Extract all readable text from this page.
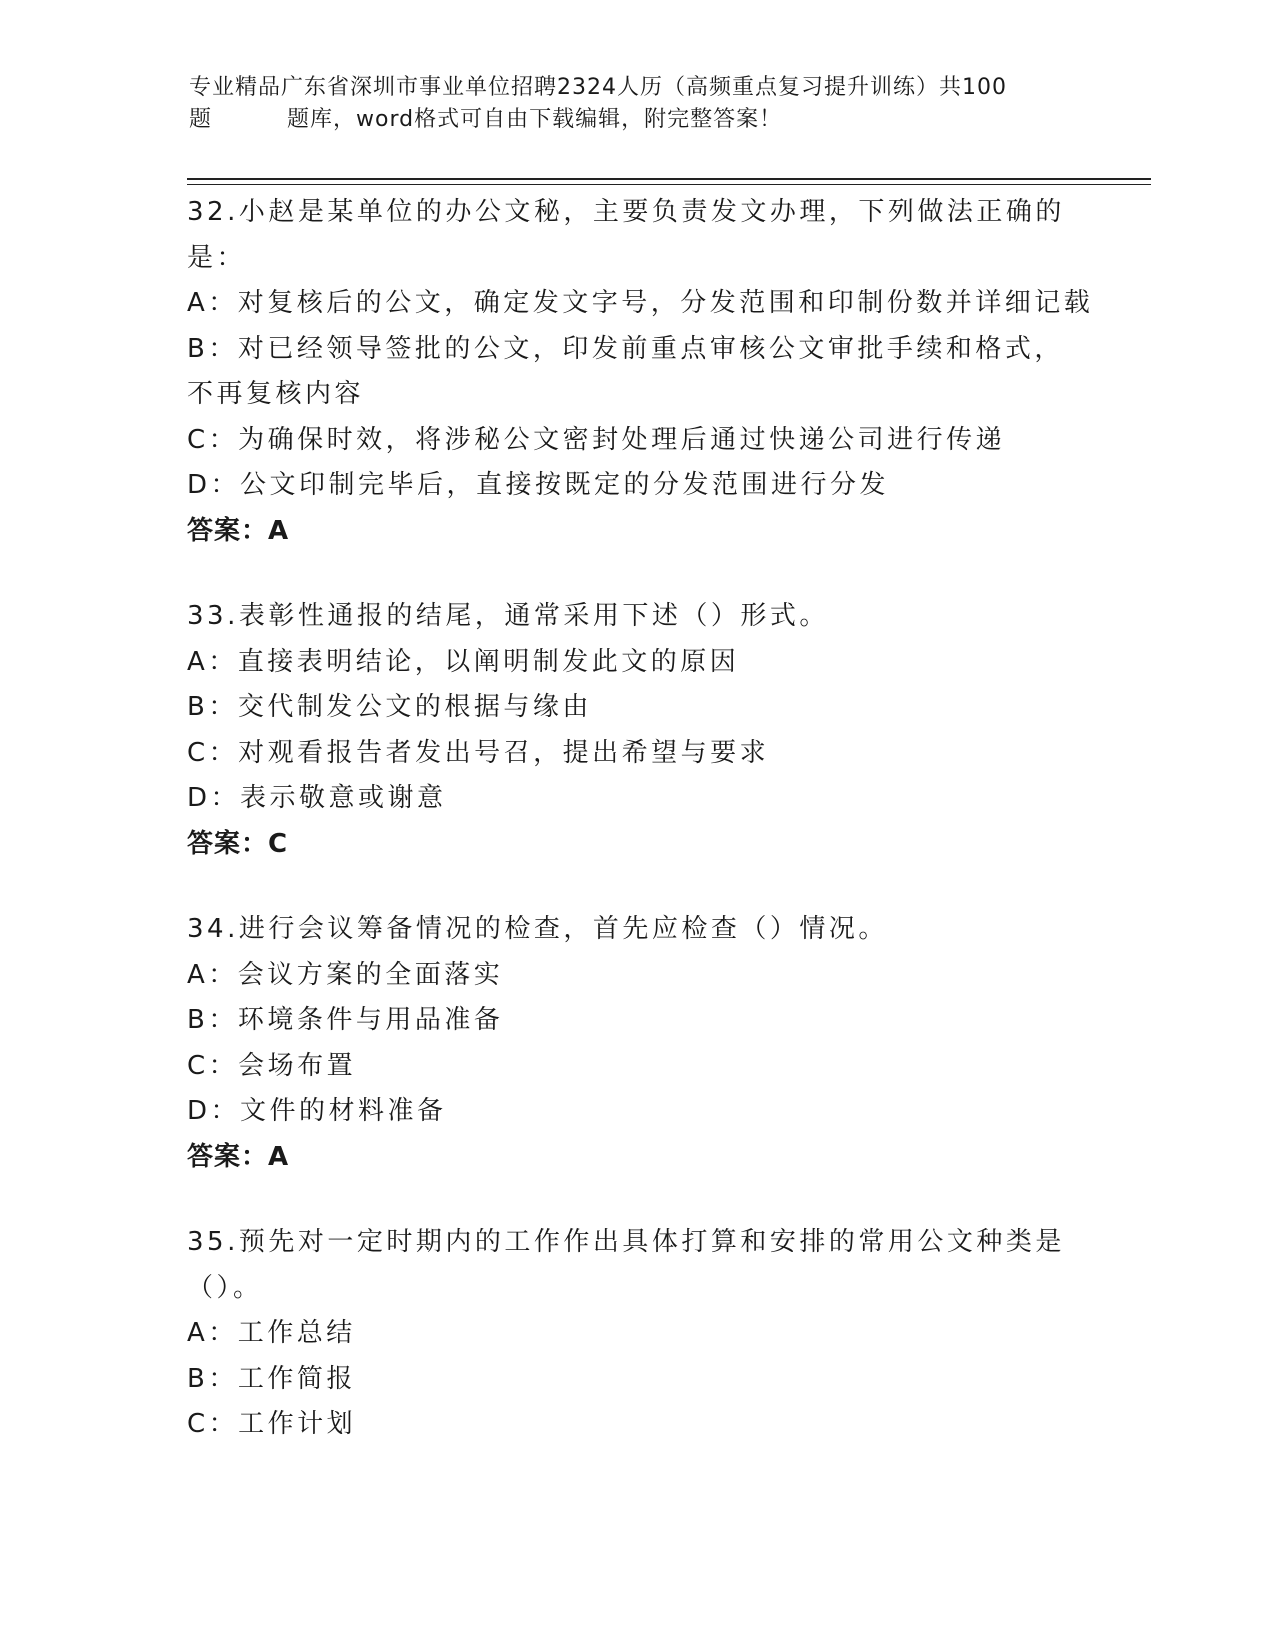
专业精品广东省深圳市事业单位招聘2324人历（高频重点复习提升训练）共100
题	题库，word格式可自由下载编辑，附完整答案！
32.小赵是某单位的办公文秘，主要负责发文办理，下列做法正确的是：
A：对复核后的公文，确定发文字号，分发范围和印制份数并详细记载
B：对已经领导签批的公文，印发前重点审核公文审批手续和格式，不再复核内容
C：为确保时效，将涉秘公文密封处理后通过快递公司进行传递
D：公文印制完毕后，直接按既定的分发范围进行分发
答案：A
33.表彰性通报的结尾，通常采用下述（）形式。
A：直接表明结论，以阐明制发此文的原因
B：交代制发公文的根据与缘由
C：对观看报告者发出号召，提出希望与要求
D：表示敬意或谢意
答案：C
34.进行会议筹备情况的检查，首先应检查（）情况。
A：会议方案的全面落实
B：环境条件与用品准备
C：会场布置
D：文件的材料准备
答案：A
35.预先对一定时期内的工作作出具体打算和安排的常用公文种类是（）。
A：工作总结
B：工作简报
C：工作计划
